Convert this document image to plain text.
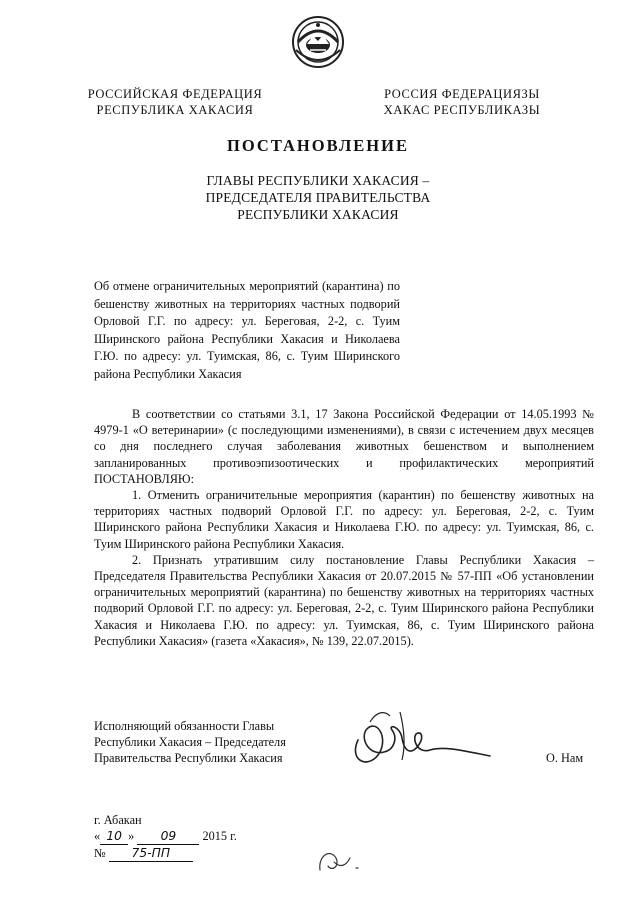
РОССИЙСКАЯ ФЕДЕРАЦИЯ
РЕСПУБЛИКА ХАКАСИЯ
РОССИЯ ФЕДЕРАЦИЯЗЫ
ХАКАС РЕСПУБЛИКАЗЫ
ПОСТАНОВЛЕНИЕ
ГЛАВЫ РЕСПУБЛИКИ ХАКАСИЯ –
ПРЕДСЕДАТЕЛЯ ПРАВИТЕЛЬСТВА
РЕСПУБЛИКИ ХАКАСИЯ

Об отмене ограничительных мероприятий (карантина) по бешенству животных на территориях частных подворий Орловой Г.Г. по адресу: ул. Береговая, 2-2, с. Туим Ширинского района Республики Хакасия и Николаева Г.Ю. по адресу: ул. Туимская, 86, с. Туим Ширинского района Республики Хакасия

В соответствии со статьями 3.1, 17 Закона Российской Федерации от 14.05.1993 № 4979-1 «О ветеринарии» (с последующими изменениями), в связи с истечением двух месяцев со дня последнего случая заболевания животных бешенством и выполнением запланированных противоэпизоотических и профилактических мероприятий ПОСТАНОВЛЯЮ:

1. Отменить ограничительные мероприятия (карантин) по бешенству животных на территориях частных подворий Орловой Г.Г. по адресу: ул. Береговая, 2-2, с. Туим Ширинского района Республики Хакасия и Николаева Г.Ю. по адресу: ул. Туимская, 86, с. Туим Ширинского района Республики Хакасия.

2. Признать утратившим силу постановление Главы Республики Хакасия – Председателя Правительства Республики Хакасия от 20.07.2015 № 57-ПП «Об установлении ограничительных мероприятий (карантина) по бешенству животных на территориях частных подворий Орловой Г.Г. по адресу: ул. Береговая, 2-2, с. Туим Ширинского района Республики Хакасия и Николаева Г.Ю. по адресу: ул. Туимская, 86, с. Туим Ширинского района Республики Хакасия» (газета «Хакасия», № 139, 22.07.2015).

Исполняющий обязанности Главы
Республики Хакасия – Председателя
Правительства Республики Хакасия	О. Нам
г. Абакан
« 10 » 09 2015 г.
№ 75-ПП
